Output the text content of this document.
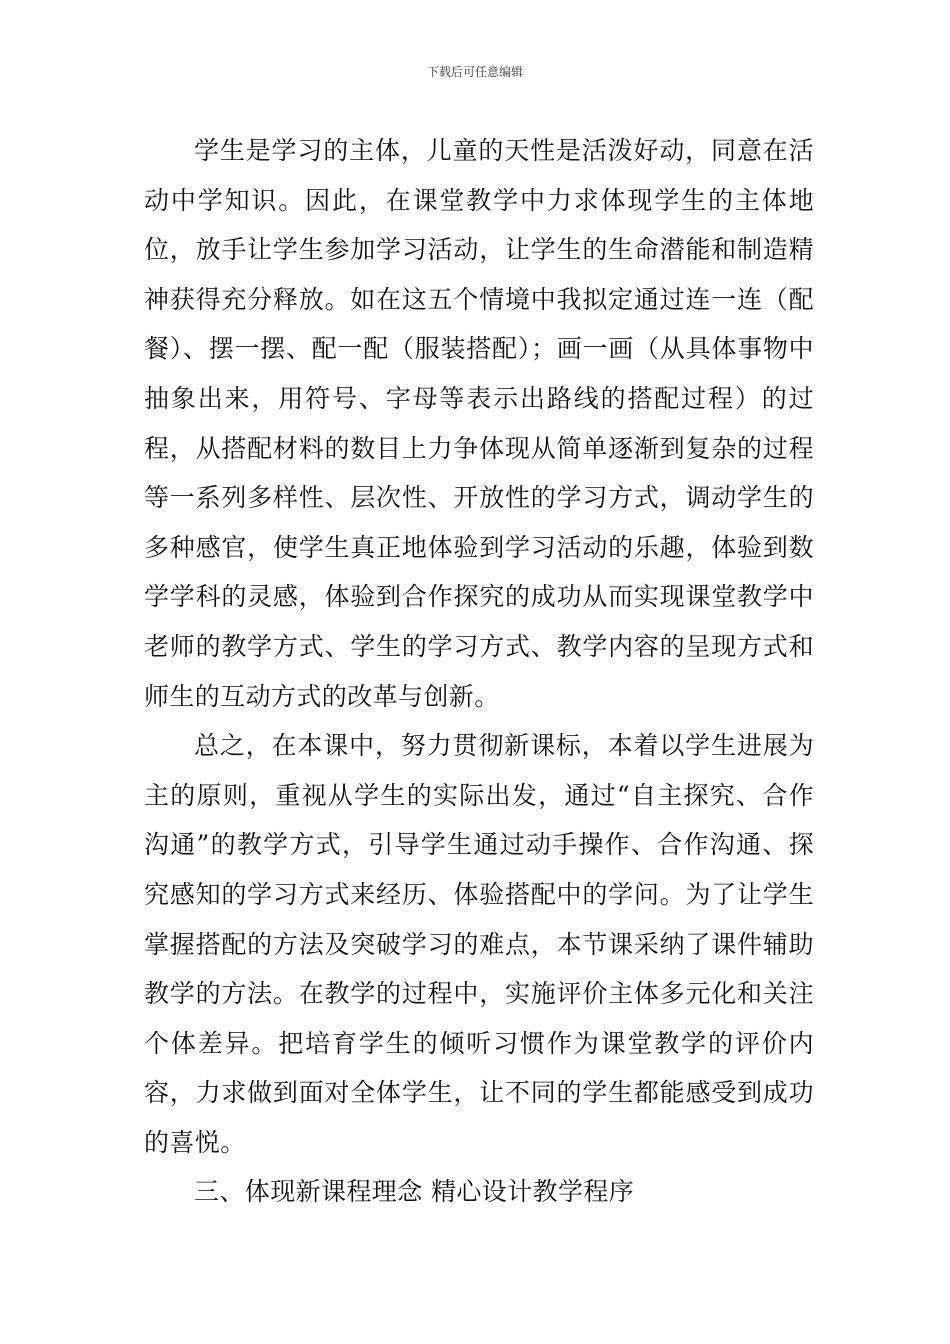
下载后可任意编辑

学生是学习的主体，儿童的天性是活泼好动，同意在活动中学知识。因此，在课堂教学中力求体现学生的主体地位，放手让学生参加学习活动，让学生的生命潜能和制造精神获得充分释放。如在这五个情境中我拟定通过连一连（配餐）、摆一摆、配一配（服装搭配）；画一画（从具体事物中抽象出来，用符号、字母等表示出路线的搭配过程）的过程，从搭配材料的数目上力争体现从简单逐渐到复杂的过程等一系列多样性、层次性、开放性的学习方式，调动学生的多种感官，使学生真正地体验到学习活动的乐趣，体验到数学学科的灵感，体验到合作探究的成功从而实现课堂教学中老师的教学方式、学生的学习方式、教学内容的呈现方式和师生的互动方式的改革与创新。

总之，在本课中，努力贯彻新课标，本着以学生进展为主的原则，重视从学生的实际出发，通过“自主探究、合作沟通”的教学方式，引导学生通过动手操作、合作沟通、探究感知的学习方式来经历、体验搭配中的学问。为了让学生掌握搭配的方法及突破学习的难点，本节课采纳了课件辅助教学的方法。在教学的过程中，实施评价主体多元化和关注个体差异。把培育学生的倾听习惯作为课堂教学的评价内容，力求做到面对全体学生，让不同的学生都能感受到成功的喜悦。

三、体现新课程理念 精心设计教学程序
